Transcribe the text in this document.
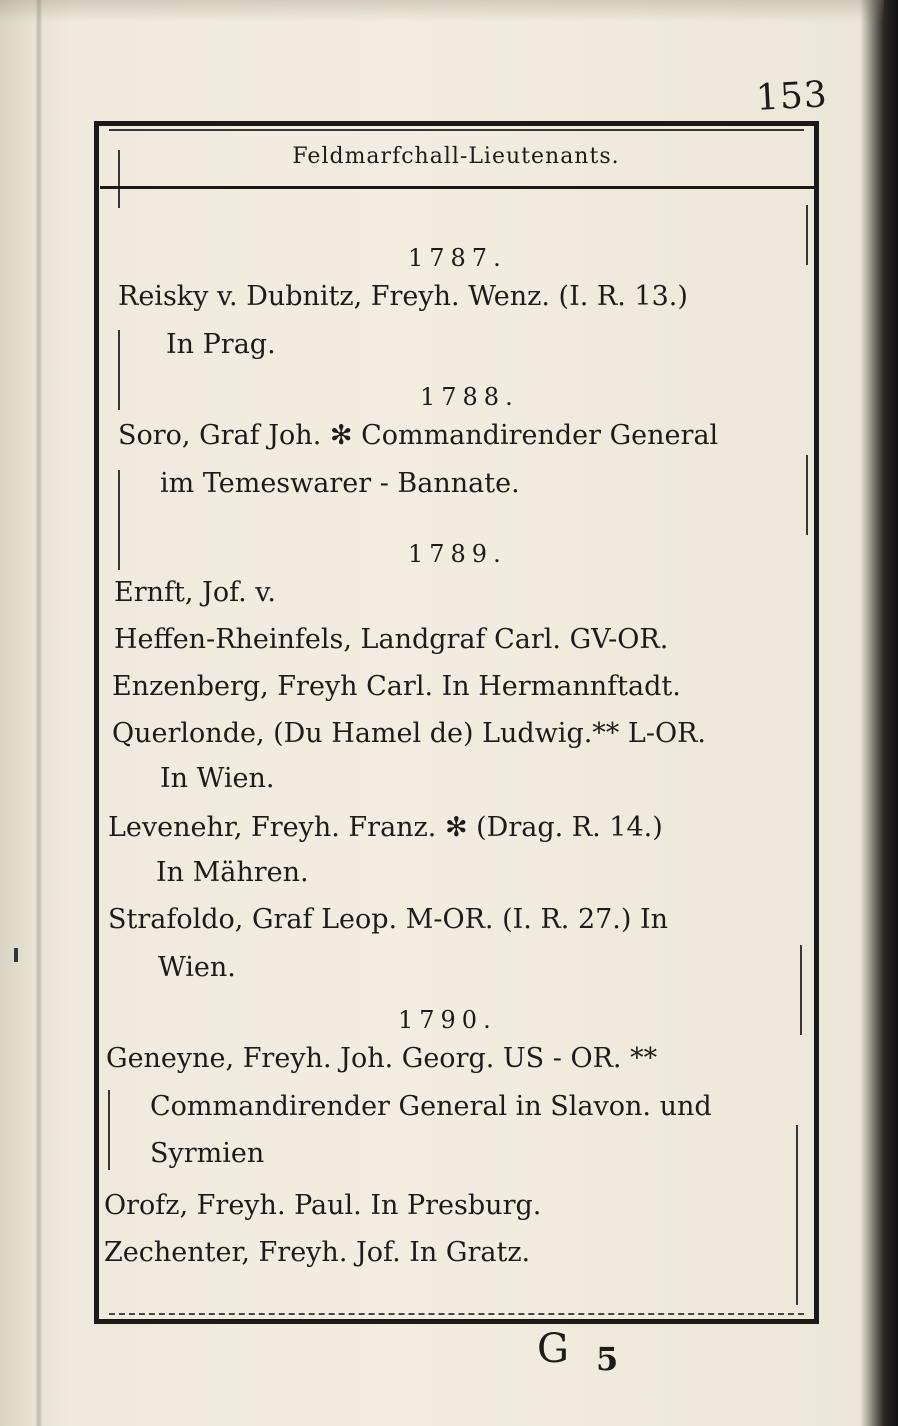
153
Feldmarfchall-Lieutenants.
1787.
Reisky v. Dubnitz, Freyh. Wenz. (I. R. 13.)
In Prag.
1788.
Soro, Graf Joh. ✻ Commandirender General
im Temeswarer - Bannate.
1789.
Ernft, Jof. v.
Heffen-Rheinfels, Landgraf Carl. GV-OR.
Enzenberg, Freyh Carl. In Hermannftadt.
Querlonde, (Du Hamel de) Ludwig.** L-OR.
In Wien.
Levenehr, Freyh. Franz. ✻ (Drag. R. 14.)
In Mähren.
Strafoldo, Graf Leop. M-OR. (I. R. 27.) In
Wien.
1790.
Geneyne, Freyh. Joh. Georg. US - OR. **
Commandirender General in Slavon. und
Syrmien
Orofz, Freyh. Paul. In Presburg.
Zechenter, Freyh. Jof. In Gratz.
G 5
